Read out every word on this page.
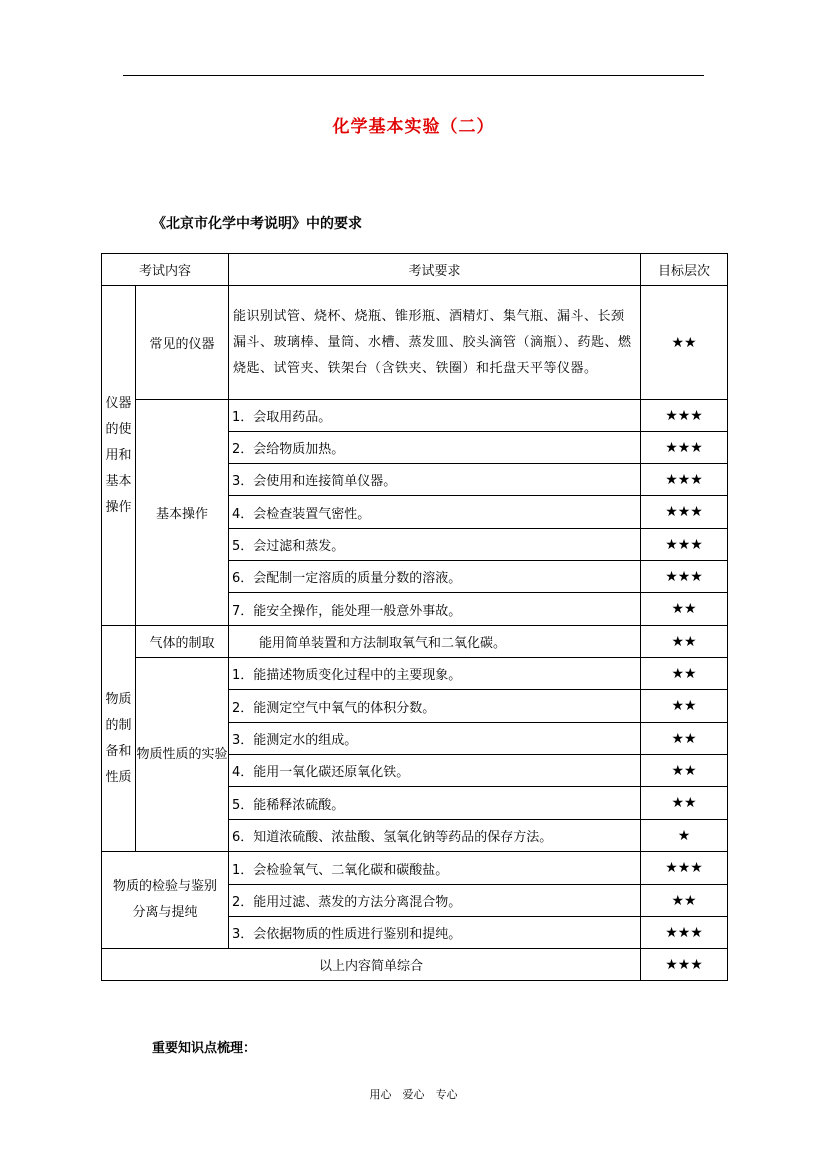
化学基本实验（二）
《北京市化学中考说明》中的要求
考试内容		考试要求	目标层次
仪器的使用和基本操作	常见的仪器	能识别试管、烧杯、烧瓶、锥形瓶、酒精灯、集气瓶、漏斗、长颈漏斗、玻璃棒、量筒、水槽、蒸发皿、胶头滴管（滴瓶）、药匙、燃烧匙、试管夹、铁架台（含铁夹、铁圈）和托盘天平等仪器。	★★
	基本操作	1．会取用药品。	★★★
		2．会给物质加热。	★★★
		3．会使用和连接简单仪器。	★★★
		4．会检查装置气密性。	★★★
		5．会过滤和蒸发。	★★★
		6．会配制一定溶质的质量分数的溶液。	★★★
		7．能安全操作，能处理一般意外事故。	★★
物质的制备和性质	气体的制取	能用简单装置和方法制取氧气和二氧化碳。	★★
	物质性质的实验	1．能描述物质变化过程中的主要现象。	★★
		2．能测定空气中氧气的体积分数。	★★
		3．能测定水的组成。	★★
		4．能用一氧化碳还原氧化铁。	★★
		5．能稀释浓硫酸。	★★
		6．知道浓硫酸、浓盐酸、氢氧化钠等药品的保存方法。	★
物质的检验与鉴别分离与提纯		1．会检验氧气、二氧化碳和碳酸盐。	★★★
		2．能用过滤、蒸发的方法分离混合物。	★★
		3．会依据物质的性质进行鉴别和提纯。	★★★
以上内容简单综合			★★★
重要知识点梳理：
用心　爱心　专心
